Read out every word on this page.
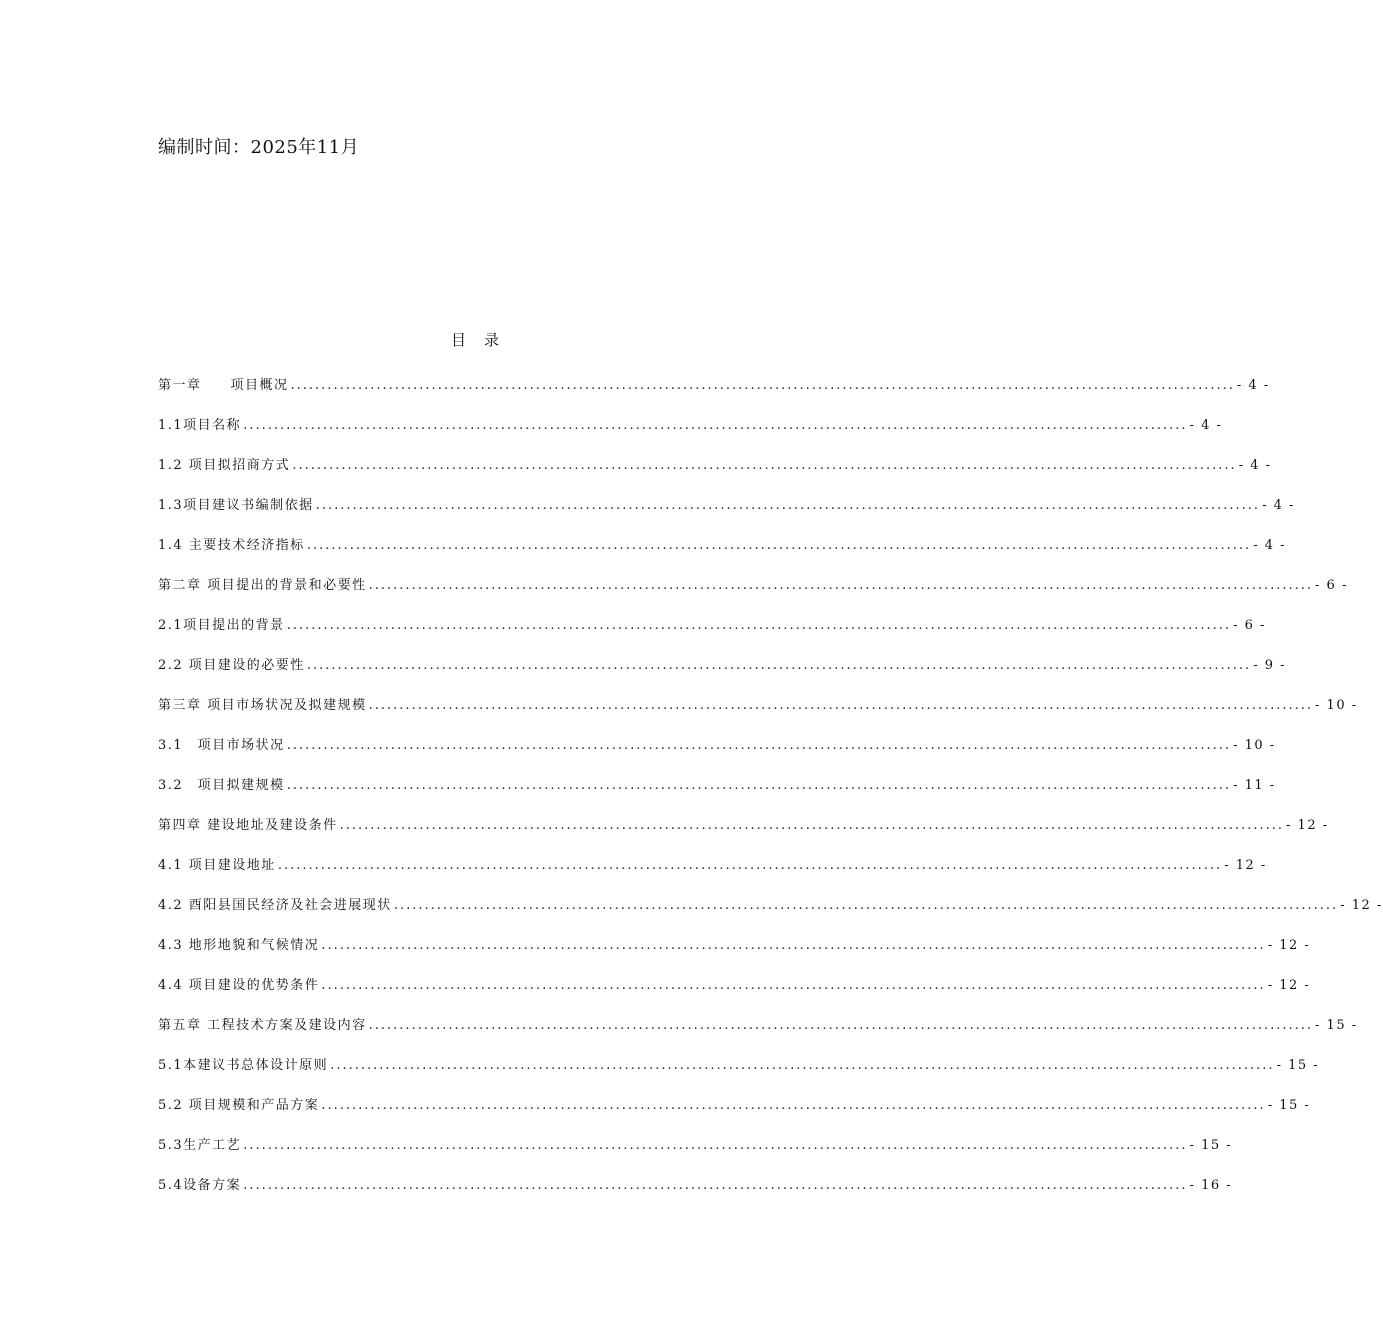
编制时间：2025年11月
目录
第一章　　项目概况 .......................................................................................................................................................... - 4 -
1.1项目名称 .......................................................................................................................................................... - 4 -
1.2 项目拟招商方式 .......................................................................................................................................................... - 4 -
1.3项目建议书编制依据 .......................................................................................................................................................... - 4 -
1.4 主要技术经济指标 .......................................................................................................................................................... - 4 -
第二章 项目提出的背景和必要性 .......................................................................................................................................................... - 6 -
2.1项目提出的背景 .......................................................................................................................................................... - 6 -
2.2 项目建设的必要性 .......................................................................................................................................................... - 9 -
第三章 项目市场状况及拟建规模 .......................................................................................................................................................... - 10 -
3.1　项目市场状况 .......................................................................................................................................................... - 10 -
3.2　项目拟建规模 .......................................................................................................................................................... - 11 -
第四章 建设地址及建设条件 .......................................................................................................................................................... - 12 -
4.1 项目建设地址 .......................................................................................................................................................... - 12 -
4.2 酉阳县国民经济及社会进展现状 .......................................................................................................................................................... - 12 -
4.3 地形地貌和气候情况 .......................................................................................................................................................... - 12 -
4.4 项目建设的优势条件 .......................................................................................................................................................... - 12 -
第五章 工程技术方案及建设内容 .......................................................................................................................................................... - 15 -
5.1本建议书总体设计原则 .......................................................................................................................................................... - 15 -
5.2 项目规模和产品方案 .......................................................................................................................................................... - 15 -
5.3生产工艺 .......................................................................................................................................................... - 15 -
5.4设备方案 .......................................................................................................................................................... - 16 -
